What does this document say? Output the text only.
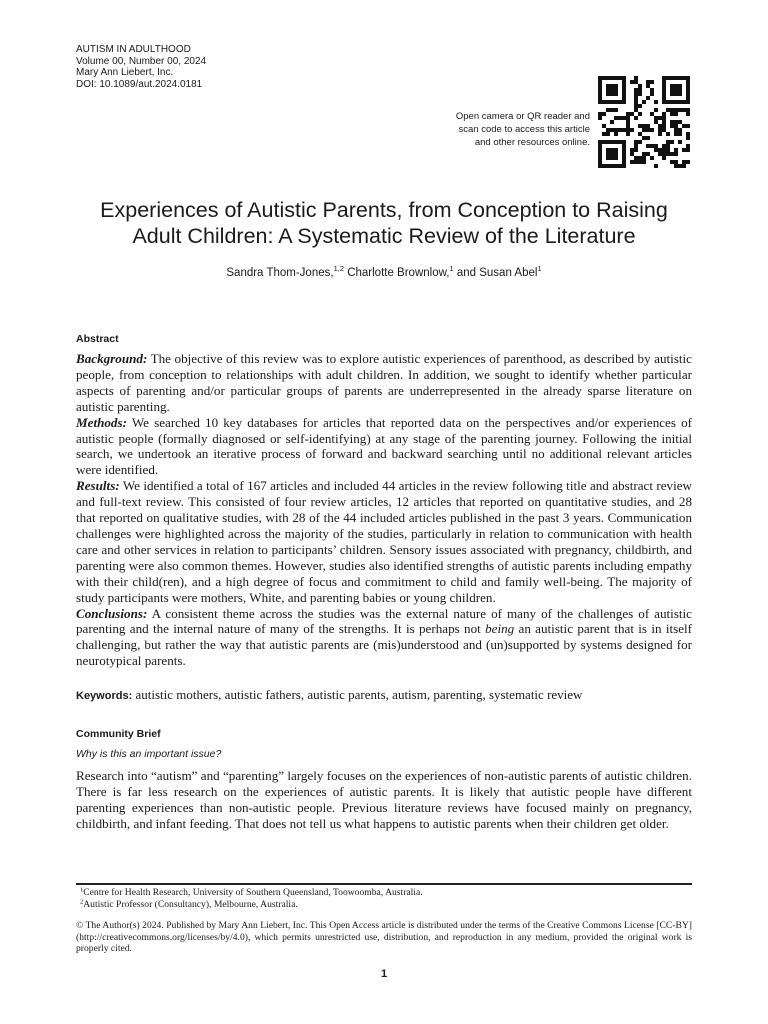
AUTISM IN ADULTHOOD
Volume 00, Number 00, 2024
Mary Ann Liebert, Inc.
DOI: 10.1089/aut.2024.0181
Open camera or QR reader and
scan code to access this article
and other resources online.
Experiences of Autistic Parents, from Conception to Raising
Adult Children: A Systematic Review of the Literature
Sandra Thom-Jones,$^{1,2}$ Charlotte Brownlow,$^1$ and Susan Abel$^1$
Abstract

Background: The objective of this review was to explore autistic experiences of parenthood, as described by autistic people, from conception to relationships with adult children. In addition, we sought to identify whether particular aspects of parenting and/or particular groups of parents are underrepresented in the already sparse literature on autistic parenting.

Methods: We searched 10 key databases for articles that reported data on the perspectives and/or experiences of autistic people (formally diagnosed or self-identifying) at any stage of the parenting journey. Following the initial search, we undertook an iterative process of forward and backward searching until no additional relevant articles were identified.

Results: We identified a total of 167 articles and included 44 articles in the review following title and abstract review and full-text review. This consisted of four review articles, 12 articles that reported on quantitative studies, and 28 that reported on qualitative studies, with 28 of the 44 included articles published in the past 3 years. Communication challenges were highlighted across the majority of the studies, particularly in relation to communication with health care and other services in relation to participants’ children. Sensory issues associated with pregnancy, childbirth, and parenting were also common themes. However, studies also identified strengths of autistic parents including empathy with their child(ren), and a high degree of focus and commitment to child and family well-being. The majority of study participants were mothers, White, and parenting babies or young children.

Conclusions: A consistent theme across the studies was the external nature of many of the challenges of autistic parenting and the internal nature of many of the strengths. It is perhaps not being an autistic parent that is in itself challenging, but rather the way that autistic parents are (mis)understood and (un)supported by systems designed for neurotypical parents.

Keywords: autistic mothers, autistic fathers, autistic parents, autism, parenting, systematic review
Community Brief
Why is this an important issue?
Research into “autism” and “parenting” largely focuses on the experiences of non-autistic parents of autistic children. There is far less research on the experiences of autistic parents. It is likely that autistic people have different parenting experiences than non-autistic people. Previous literature reviews have focused mainly on pregnancy, childbirth, and infant feeding. That does not tell us what happens to autistic parents when their children get older.
$^1$Centre for Health Research, University of Southern Queensland, Toowoomba, Australia.
$^2$Autistic Professor (Consultancy), Melbourne, Australia.
© The Author(s) 2024. Published by Mary Ann Liebert, Inc. This Open Access article is distributed under the terms of the Creative Commons License [CC-BY] (http://creativecommons.org/licenses/by/4.0), which permits unrestricted use, distribution, and reproduction in any medium, provided the original work is properly cited.
1
